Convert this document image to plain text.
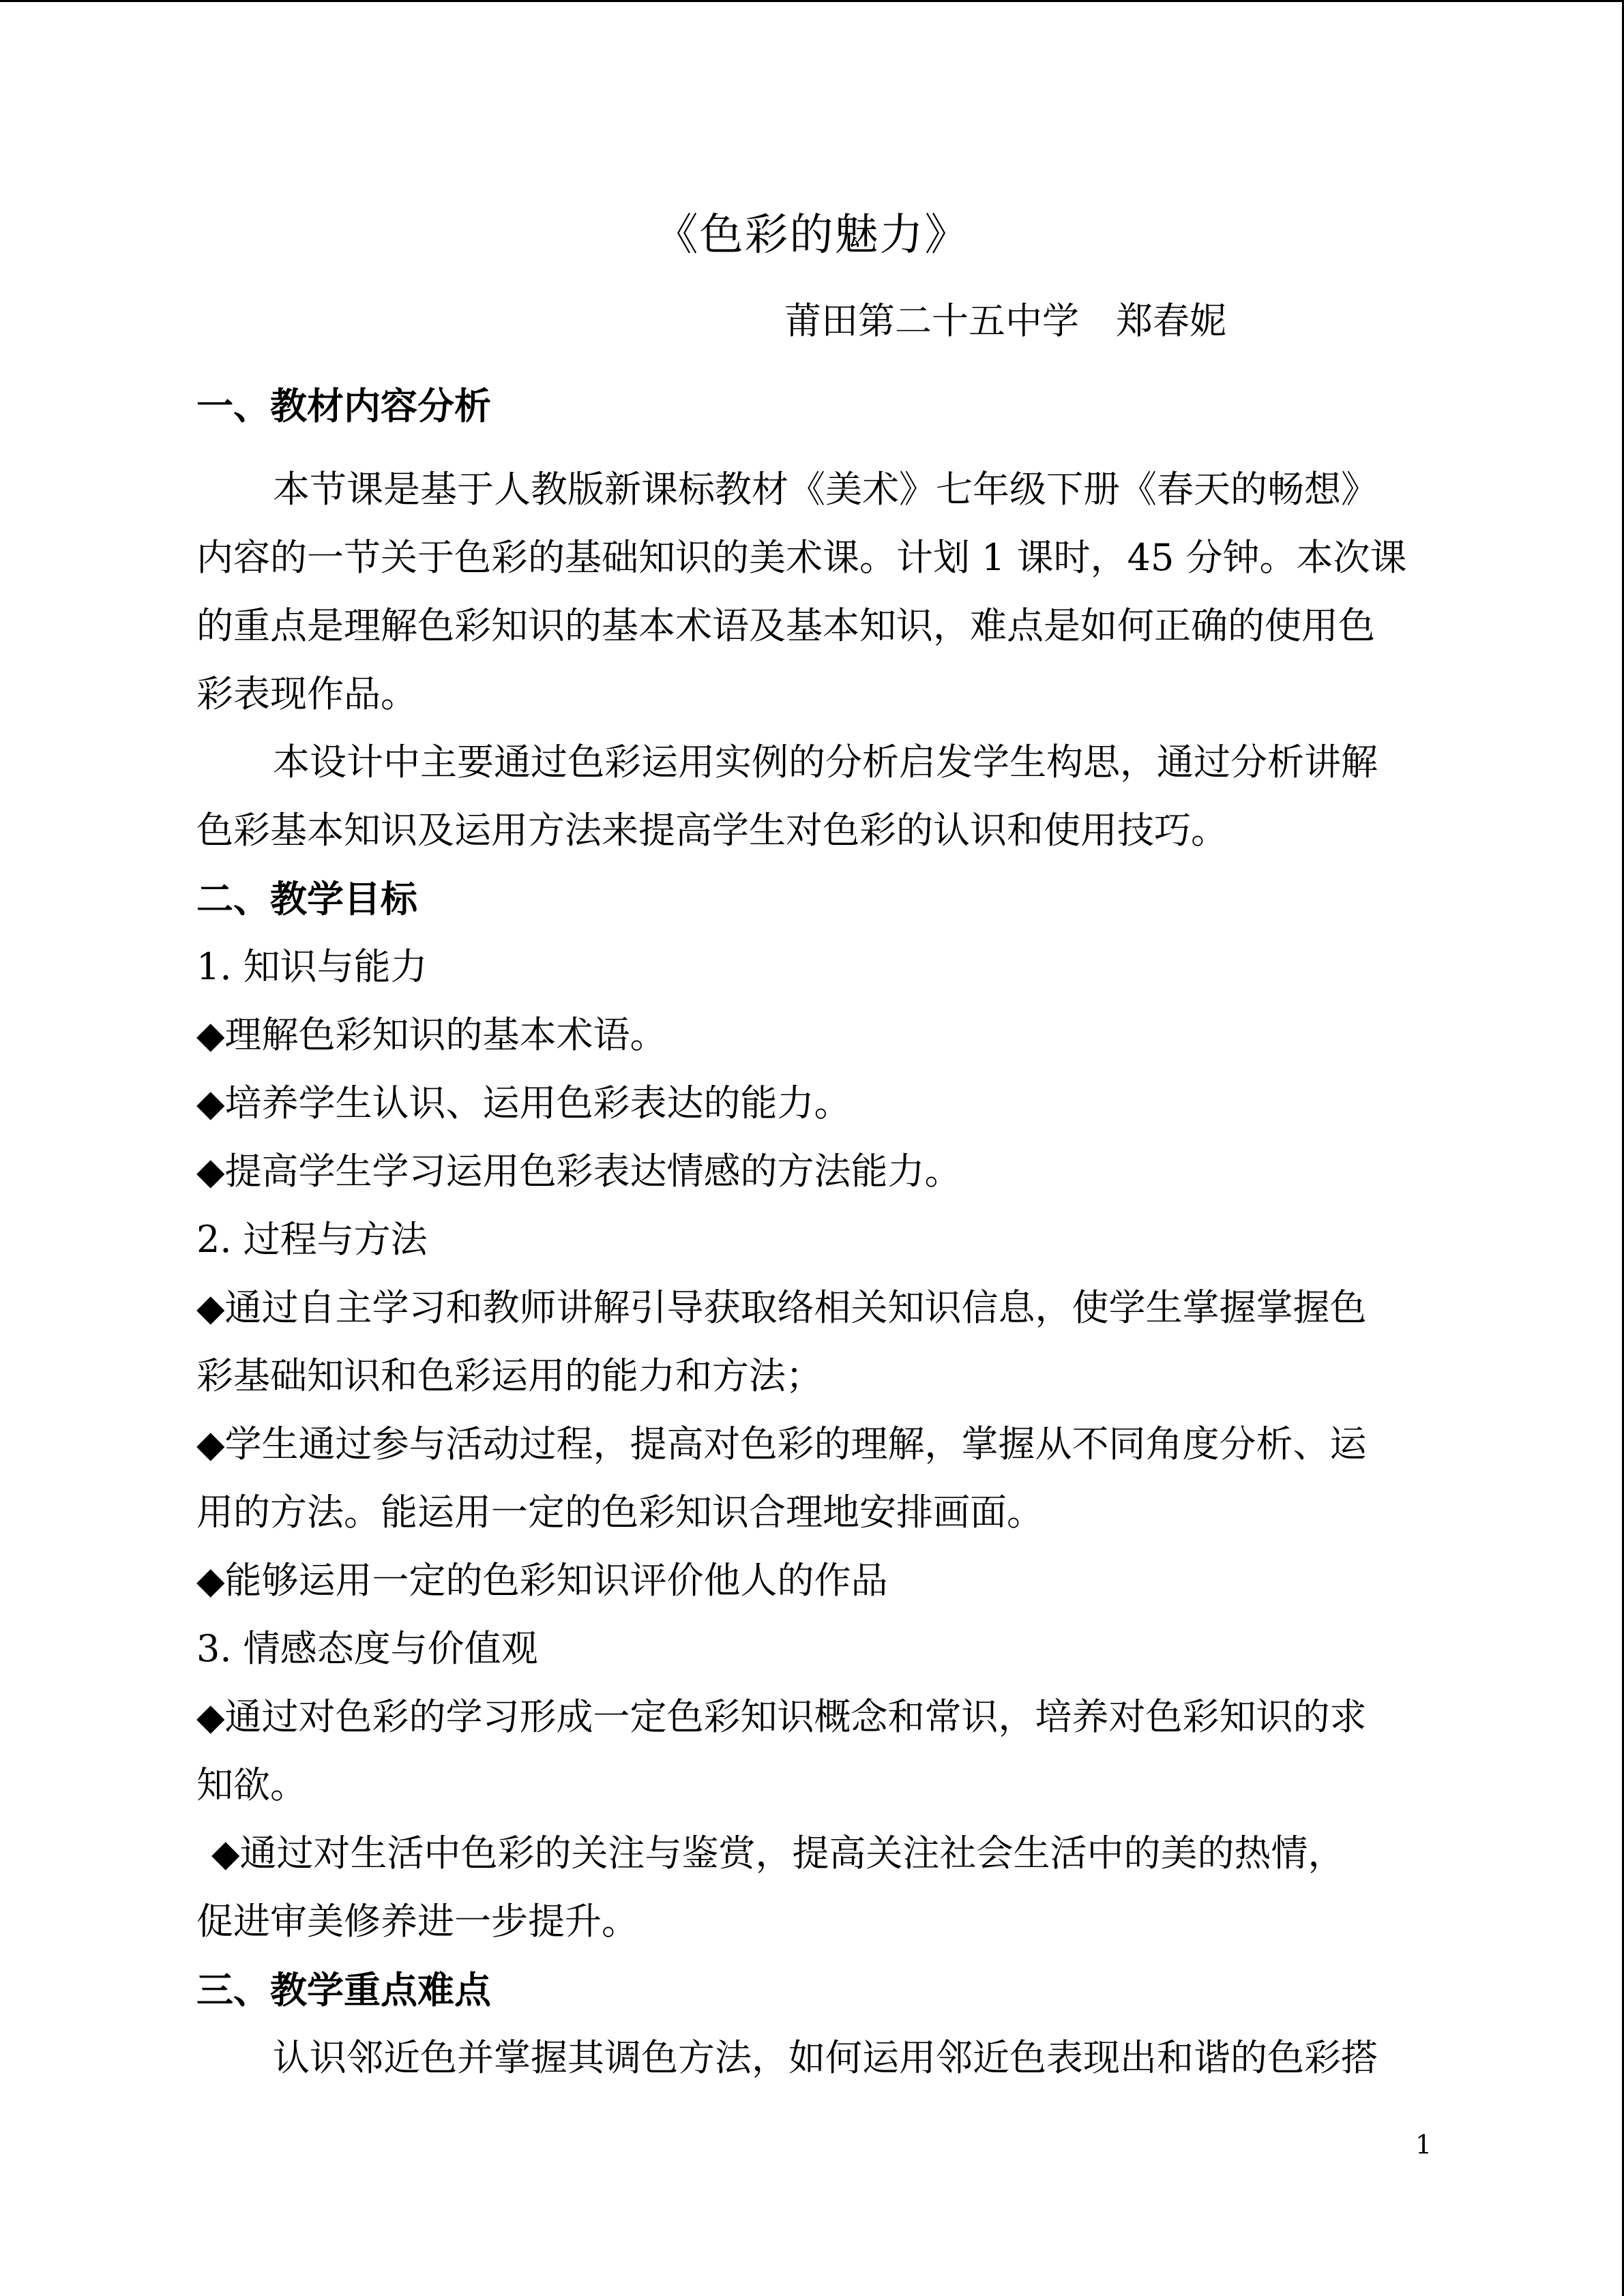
《色彩的魅力》
莆田第二十五中学　郑春妮
一、教材内容分析
本节课是基于人教版新课标教材《美术》七年级下册《春天的畅想》
内容的一节关于色彩的基础知识的美术课。计划 1 课时，45 分钟。本次课
的重点是理解色彩知识的基本术语及基本知识，难点是如何正确的使用色
彩表现作品。
本设计中主要通过色彩运用实例的分析启发学生构思，通过分析讲解
色彩基本知识及运用方法来提高学生对色彩的认识和使用技巧。
二、教学目标
1. 知识与能力
◆理解色彩知识的基本术语。
◆培养学生认识、运用色彩表达的能力。
◆提高学生学习运用色彩表达情感的方法能力。
2. 过程与方法
◆通过自主学习和教师讲解引导获取络相关知识信息，使学生掌握掌握色
彩基础知识和色彩运用的能力和方法；
◆学生通过参与活动过程，提高对色彩的理解，掌握从不同角度分析、运
用的方法。能运用一定的色彩知识合理地安排画面。
◆能够运用一定的色彩知识评价他人的作品
3. 情感态度与价值观
◆通过对色彩的学习形成一定色彩知识概念和常识，培养对色彩知识的求
知欲。
◆通过对生活中色彩的关注与鉴赏，提高关注社会生活中的美的热情，
促进审美修养进一步提升。
三、教学重点难点
认识邻近色并掌握其调色方法，如何运用邻近色表现出和谐的色彩搭
1
